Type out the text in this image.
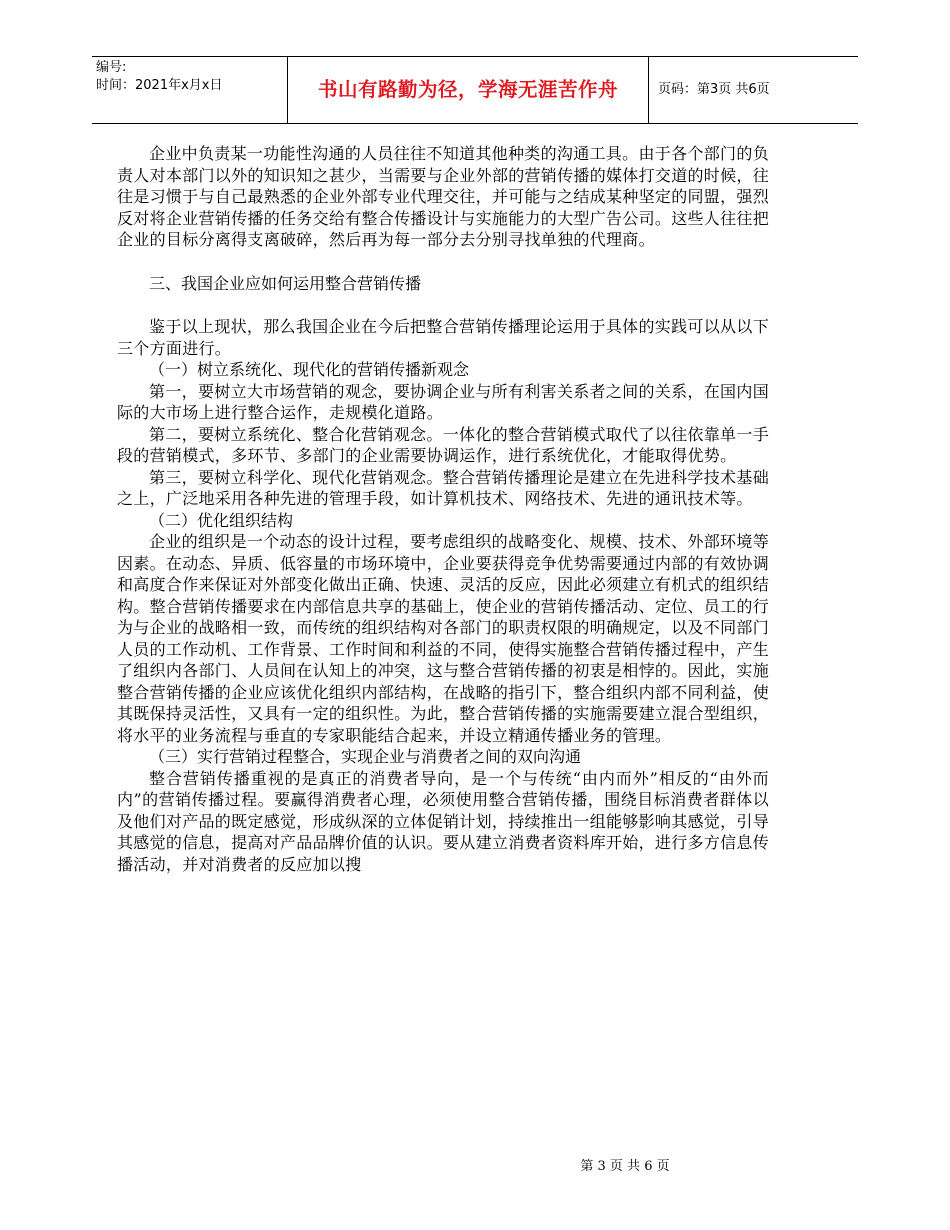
编号:
时间：2021年x月x日	书山有路勤为径，学海无涯苦作舟	页码：第3页 共6页

企业中负责某一功能性沟通的人员往往不知道其他种类的沟通工具。由于各个部门的负责人对本部门以外的知识知之甚少，当需要与企业外部的营销传播的媒体打交道的时候，往往是习惯于与自己最熟悉的企业外部专业代理交往，并可能与之结成某种坚定的同盟，强烈反对将企业营销传播的任务交给有整合传播设计与实施能力的大型广告公司。这些人往往把企业的目标分离得支离破碎，然后再为每一部分去分别寻找单独的代理商。

三、我国企业应如何运用整合营销传播

鉴于以上现状，那么我国企业在今后把整合营销传播理论运用于具体的实践可以从以下三个方面进行。

（一）树立系统化、现代化的营销传播新观念

第一，要树立大市场营销的观念，要协调企业与所有利害关系者之间的关系，在国内国际的大市场上进行整合运作，走规模化道路。

第二，要树立系统化、整合化营销观念。一体化的整合营销模式取代了以往依靠单一手段的营销模式，多环节、多部门的企业需要协调运作，进行系统优化，才能取得优势。

第三，要树立科学化、现代化营销观念。整合营销传播理论是建立在先进科学技术基础之上，广泛地采用各种先进的管理手段，如计算机技术、网络技术、先进的通讯技术等。

（二）优化组织结构

企业的组织是一个动态的设计过程，要考虑组织的战略变化、规模、技术、外部环境等因素。在动态、异质、低容量的市场环境中，企业要获得竞争优势需要通过内部的有效协调和高度合作来保证对外部变化做出正确、快速、灵活的反应，因此必须建立有机式的组织结构。整合营销传播要求在内部信息共享的基础上，使企业的营销传播活动、定位、员工的行为与企业的战略相一致，而传统的组织结构对各部门的职责权限的明确规定，以及不同部门人员的工作动机、工作背景、工作时间和利益的不同，使得实施整合营销传播过程中，产生了组织内各部门、人员间在认知上的冲突，这与整合营销传播的初衷是相悖的。因此，实施整合营销传播的企业应该优化组织内部结构，在战略的指引下，整合组织内部不同利益，使其既保持灵活性，又具有一定的组织性。为此，整合营销传播的实施需要建立混合型组织，将水平的业务流程与垂直的专家职能结合起来，并设立精通传播业务的管理。

（三）实行营销过程整合，实现企业与消费者之间的双向沟通

整合营销传播重视的是真正的消费者导向，是一个与传统“由内而外”相反的“由外而内”的营销传播过程。要赢得消费者心理，必须使用整合营销传播，围绕目标消费者群体以及他们对产品的既定感觉，形成纵深的立体促销计划，持续推出一组能够影响其感觉，引导其感觉的信息，提高对产品品牌价值的认识。要从建立消费者资料库开始，进行多方信息传播活动，并对消费者的反应加以搜

第 3 页 共 6 页
